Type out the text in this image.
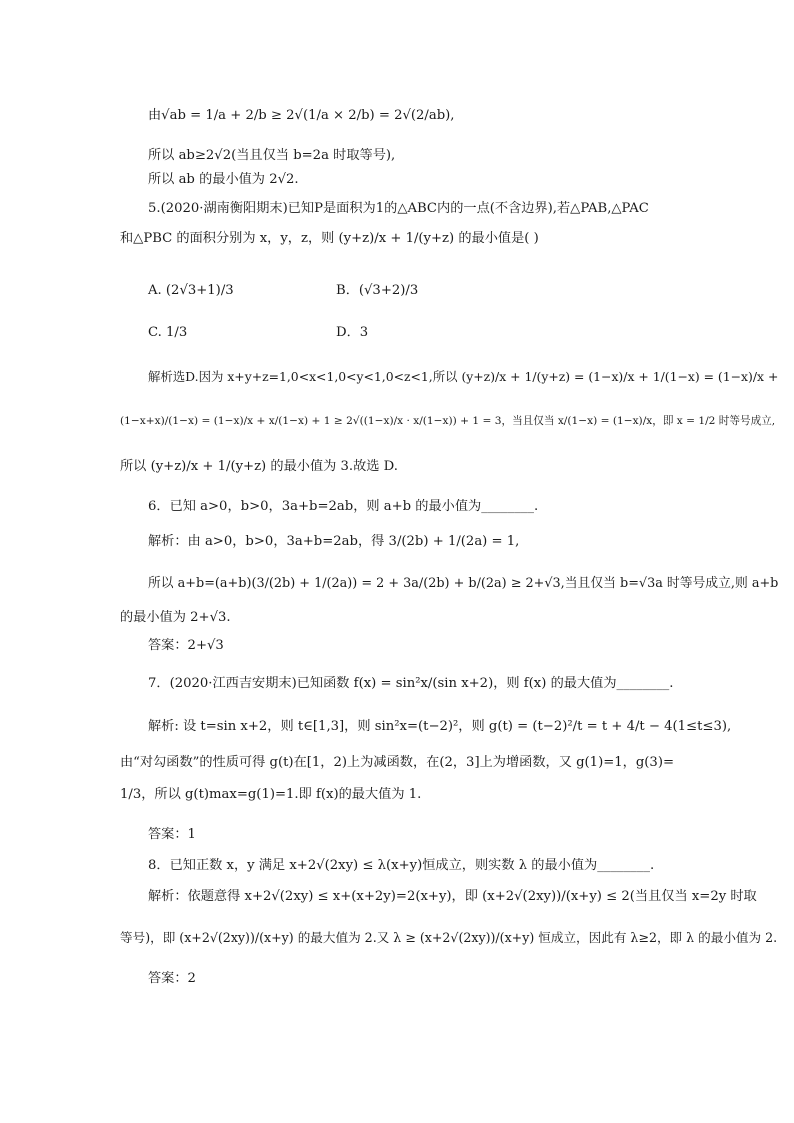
由√ab = 1/a + 2/b ≥ 2√(1/a × 2/b) = 2√(2/ab),
所以 ab≥2√2(当且仅当 b=2a 时取等号),
所以 ab 的最小值为 2√2.
5.(2020·湖南衡阳期末)已知P是面积为1的△ABC内的一点(不含边界),若△PAB,△PAC
和△PBC 的面积分别为 x，y，z，则 (y+z)/x + 1/(y+z) 的最小值是( )
A. (2√3+1)/3	B．(√3+2)/3
C. 1/3	D．3
解析选D.因为 x+y+z=1,0<x<1,0<y<1,0<z<1,所以 (y+z)/x + 1/(y+z) = (1−x)/x + 1/(1−x) = (1−x)/x +
(1−x+x)/(1−x) = (1−x)/x + x/(1−x) + 1 ≥ 2√((1−x)/x · x/(1−x)) + 1 = 3，当且仅当 x/(1−x) = (1−x)/x，即 x = 1/2 时等号成立,
所以 (y+z)/x + 1/(y+z) 的最小值为 3.故选 D.
6．已知 a>0，b>0，3a+b=2ab，则 a+b 的最小值为________.
解析：由 a>0，b>0，3a+b=2ab，得 3/(2b) + 1/(2a) = 1,
所以 a+b=(a+b)(3/(2b) + 1/(2a)) = 2 + 3a/(2b) + b/(2a) ≥ 2+√3,当且仅当 b=√3a 时等号成立,则 a+b
的最小值为 2+√3.
答案：2+√3
7．(2020·江西吉安期末)已知函数 f(x) = sin²x/(sin x+2)，则 f(x) 的最大值为________.
解析: 设 t=sin x+2，则 t∈[1,3]，则 sin²x=(t−2)²，则 g(t) = (t−2)²/t = t + 4/t − 4(1≤t≤3),
由“对勾函数”的性质可得 g(t)在[1，2)上为减函数，在(2，3]上为增函数，又 g(1)=1，g(3)=
1/3，所以 g(t)max=g(1)=1.即 f(x)的最大值为 1.
答案：1
8．已知正数 x，y 满足 x+2√(2xy) ≤ λ(x+y)恒成立，则实数 λ 的最小值为________.
解析：依题意得 x+2√(2xy) ≤ x+(x+2y)=2(x+y)，即 (x+2√(2xy))/(x+y) ≤ 2(当且仅当 x=2y 时取
等号)，即 (x+2√(2xy))/(x+y) 的最大值为 2.又 λ ≥ (x+2√(2xy))/(x+y) 恒成立，因此有 λ≥2，即 λ 的最小值为 2.
答案：2
